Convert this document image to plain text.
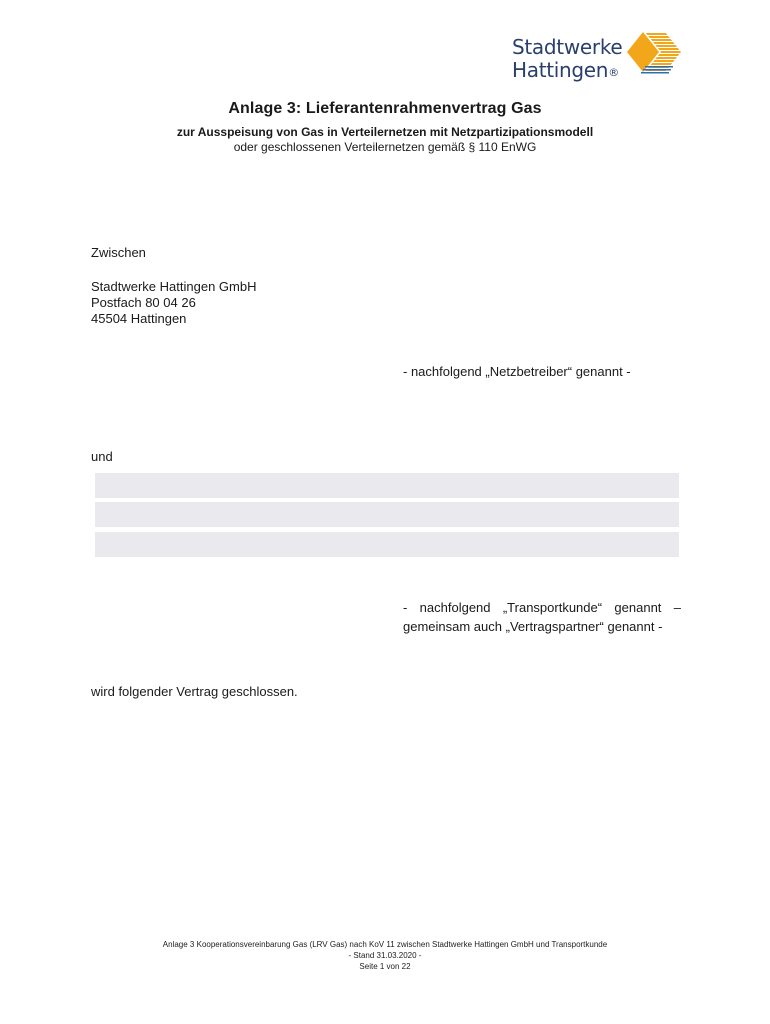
Stadtwerke
Hattingen®
Anlage 3: Lieferantenrahmenvertrag Gas
zur Ausspeisung von Gas in Verteilernetzen mit Netzpartizipationsmodell
oder geschlossenen Verteilernetzen gemäß § 110 EnWG
Zwischen
Stadtwerke Hattingen GmbH
Postfach 80 04 26
45504 Hattingen
- nachfolgend „Netzbetreiber“ genannt -
und
- nachfolgend „Transportkunde“ genannt –
gemeinsam auch „Vertragspartner“ genannt -
wird folgender Vertrag geschlossen.
Anlage 3 Kooperationsvereinbarung Gas (LRV Gas) nach KoV 11 zwischen Stadtwerke Hattingen GmbH und Transportkunde
- Stand 31.03.2020 -
Seite 1 von 22
